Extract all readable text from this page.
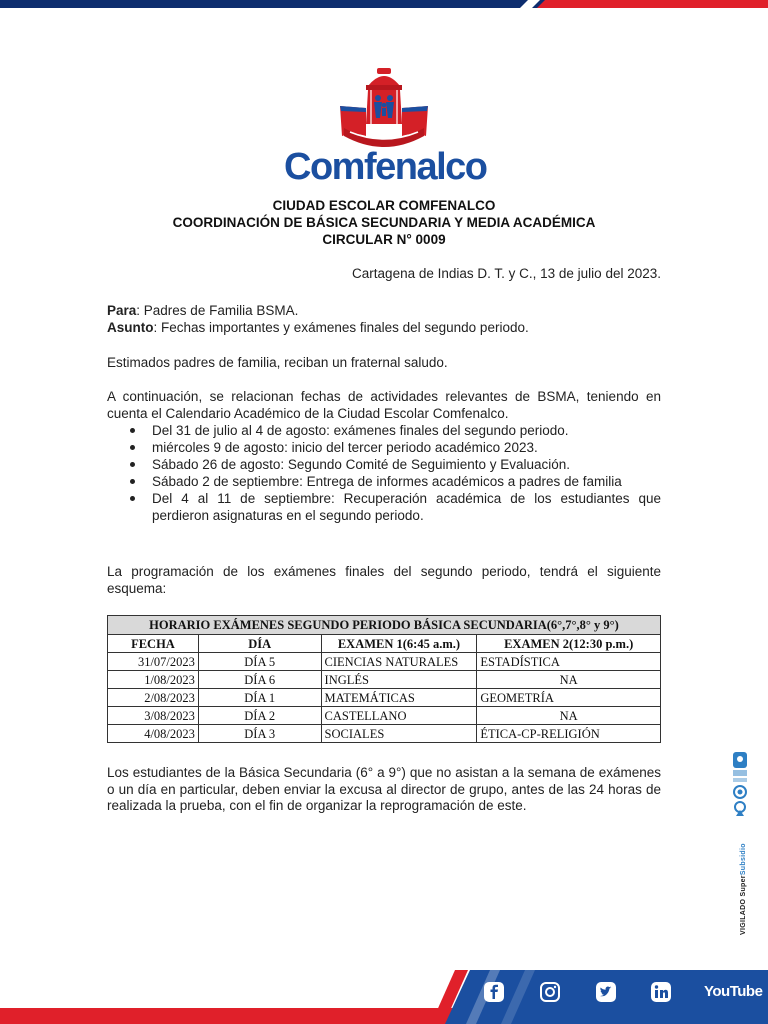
Comfenalco
CIUDAD ESCOLAR COMFENALCO
COORDINACIÓN DE BÁSICA SECUNDARIA Y MEDIA ACADÉMICA
CIRCULAR N° 0009
Cartagena de Indias D. T. y C., 13 de julio del 2023.
Para: Padres de Familia BSMA.
Asunto: Fechas importantes y exámenes finales del segundo periodo.
Estimados padres de familia, reciban un fraternal saludo.
A continuación, se relacionan fechas de actividades relevantes de BSMA, teniendo en cuenta el Calendario Académico de la Ciudad Escolar Comfenalco.
Del 31 de julio al 4 de agosto: exámenes finales del segundo periodo.
miércoles 9 de agosto: inicio del tercer periodo académico 2023.
Sábado 26 de agosto: Segundo Comité de Seguimiento y Evaluación.
Sábado 2 de septiembre: Entrega de informes académicos a padres de familia
Del 4 al 11 de septiembre: Recuperación académica de los estudiantes que perdieron asignaturas en el segundo periodo.
La programación de los exámenes finales del segundo periodo, tendrá el siguiente esquema:
HORARIO EXÁMENES SEGUNDO PERIODO BÁSICA SECUNDARIA(6°,7°,8° y 9°)			
FECHA	DÍA	EXAMEN 1(6:45 a.m.)	EXAMEN 2(12:30 p.m.)
31/07/2023	DÍA 5	CIENCIAS NATURALES	ESTADÍSTICA
1/08/2023	DÍA 6	INGLÉS	NA
2/08/2023	DÍA 1	MATEMÁTICAS	GEOMETRÍA
3/08/2023	DÍA 2	CASTELLANO	NA
4/08/2023	DÍA 3	SOCIALES	ÉTICA-CP-RELIGIÓN
Los estudiantes de la Básica Secundaria (6° a 9°) que no asistan a la semana de exámenes o un día en particular, deben enviar la excusa al director de grupo, antes de las 24 horas de realizada la prueba, con el fin de organizar la reprogramación de este.
VIGILADO SuperSubsidio
YouTube
